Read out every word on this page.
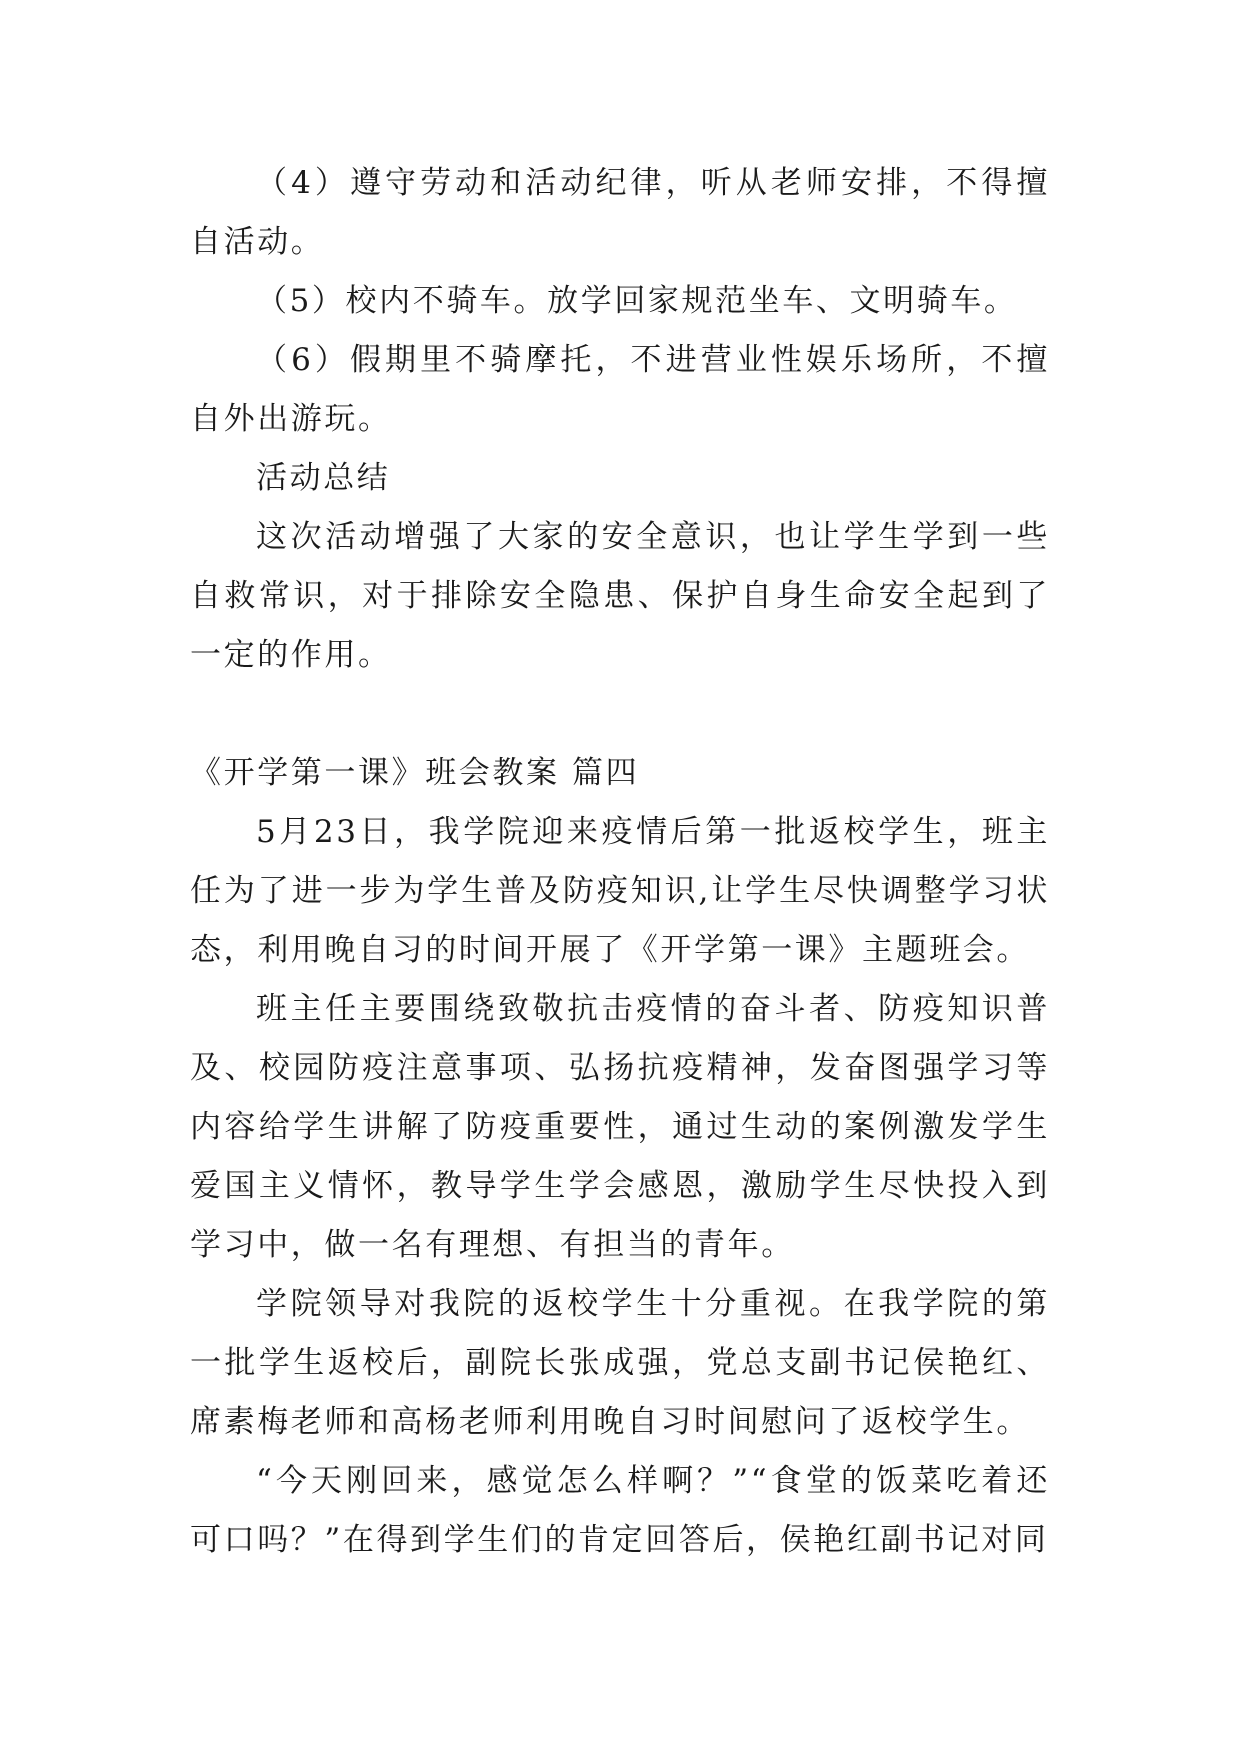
（4）遵守劳动和活动纪律，听从老师安排，不得擅自活动。

（5）校内不骑车。放学回家规范坐车、文明骑车。

（6）假期里不骑摩托，不进营业性娱乐场所，不擅自外出游玩。

活动总结

这次活动增强了大家的安全意识，也让学生学到一些自救常识，对于排除安全隐患、保护自身生命安全起到了一定的作用。

《开学第一课》班会教案 篇四

5月23日，我学院迎来疫情后第一批返校学生，班主任为了进一步为学生普及防疫知识,让学生尽快调整学习状态，利用晚自习的时间开展了《开学第一课》主题班会。

班主任主要围绕致敬抗击疫情的奋斗者、防疫知识普及、校园防疫注意事项、弘扬抗疫精神，发奋图强学习等内容给学生讲解了防疫重要性，通过生动的案例激发学生爱国主义情怀，教导学生学会感恩，激励学生尽快投入到学习中，做一名有理想、有担当的青年。

学院领导对我院的返校学生十分重视。在我学院的第一批学生返校后，副院长张成强，党总支副书记侯艳红、席素梅老师和高杨老师利用晚自习时间慰问了返校学生。

“今天刚回来，感觉怎么样啊？”“食堂的饭菜吃着还可口吗？”在得到学生们的肯定回答后，侯艳红副书记对同
